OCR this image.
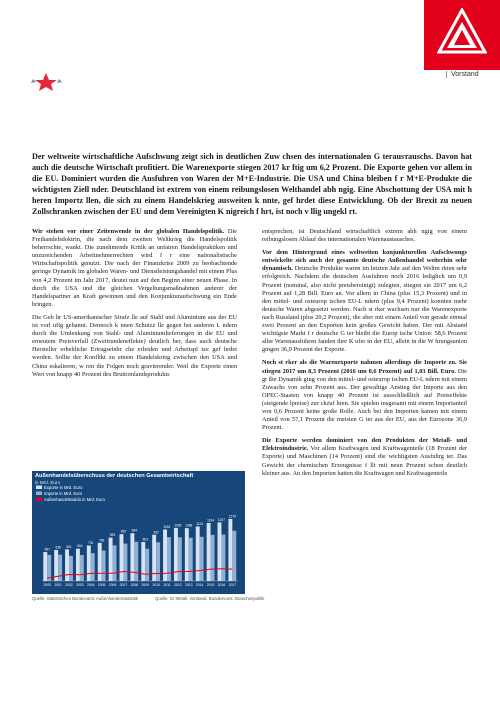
Vorstand

Der weltweite wirtschaftliche Aufschwung zeigt sich in deutlichen Zuw chsen des internationalen G terausтauschs. Davon hat auch die deutsche Wirtschaft profitiert. Die Warenexporte stiegen 2017 kr ftig um 6,2 Prozent. Die Exporte gehen vor allem in die EU. Dominiert wurden die Ausfuhren von Waren der M+E-Industrie. Die USA und China bleiben f r M+E-Produkte die wichtigsten Ziell nder. Deutschland ist extrem von einem reibungslosen Welthandel abh ngig. Eine Abschottung der USA mit h heren Importz llen, die sich zu einem Handelskrieg ausweiten k nnte, gef hrdet diese Entwicklung. Ob der Brexit zu neuen Zollschranken zwischen der EU und dem Vereinigten K nigreich f hrt, ist noch v llig ungekl rt.

Wir stehen vor einer Zeitenwende in der globalen Handelspolitik. Die Freihandelsdoktrin, die nach dem zweiten Weltkrieg die Handelspolitik beherrschte, wankt. Die zunehmende Kritik an unfairen Handelspraktiken und unzureichenden Arbeitnehmerrechten wird f r eine nationalistische Wirtschaftspolitik genutzt. Die nach der Finanzkrise 2009 zu beobachtende geringe Dynamik im globalen Waren- und Dienstleistungshandel mit einem Plus von 4,2 Prozent im Jahr 2017, deutet nun auf den Beginn einer neuen Phase. In durch die USA und die gleichen Vergeltungsmaßnahmen anderer der Handelspartner an Kraft gewinnen und den Konjunkturaufschwung ein Ende bringen.

Die Geb hr US-amerikanischer Strafz lle auf Stahl und Aluminium aus der EU ist vorl ufig gebannt. Dennoch k nnen Schutzz lle gegen bei anderen L ndern durch die Umlenkung von Stahl- und Aluminiumlieferungen in die EU und erneutem Preisverfall (Zweitrundeneffekte) deutlich ber, dass auch deutsche Hersteller erhebliche Ertragseinbr che erleiden und Arbeitspl tze gef hrdet werden. Sollte der Konflikt zu einem Handelskrieg zwischen den USA und China eskalieren, w ren die Folgen noch gravierender. Weil die Exporte einen Wert von knapp 40 Prozent des Bruttoinlandsprodukts

Exporte in Mrd. Euro
Importe in Mrd. Euro
Außenhandelssaldo in Mrd. Euro
597
2000
638
2001
651
2002
664
2003
731
2004
786
2005
893
2006
965
2007
984
2008
803
2009
952
2010
1061
2011
1093
2012
1088
2013
1124
2014
1194
2015
1207
2016
1279
2017
Außenhandelsüberschuss der deutschen Gesamtwirtschaft
in Mrd. Euro
Quelle: Statistisches Bundesamt, Außenhandelsstatistik	Quelle: IG Metall, Vorstand, Bundesvorst. Branchenpolitik

entsprechen, ist Deutschland wirtschaftlich extrem abh ngig von einem reibungslosen Ablauf des internationalen Warenaustausches.

Vor dem Hintergrund eines weltweiten konjunkturellen Aufschwungs entwickelte sich auch der gesamte deutsche Außenhandel weiterhin sehr dynamisch. Deutsche Produkte waren im letzten Jahr auf den Weltm rkten sehr erfolgreich. Nachdem die deutschen Ausfuhren noch 2016 lediglich um 0,9 Prozent (nominal, also nicht preisbereinigt) zulegten, stiegen sie 2017 um 6,2 Prozent auf 1,28 Bill. Euro an. Vor allem in China (plus 15,3 Prozent) und in den mittel- und osteurop ischen EU-L ndern (plus 9,4 Prozent) konnten mehr deutsche Waren abgesetzt werden. Nach st rker wachsen nur die Warenexporte nach Russland (plus 20,2 Prozent), die aber mit einem Anteil von gerade einmal zwei Prozent an den Exporten kein großes Gewicht haben. Der mit Abstand wichtigste Markt f r deutsche G ter bleibt die Europ ische Union: 58,6 Prozent aller Warenausfuhren fanden ihre K ufer in der EU, allein in die W hrungsunion gingen 36,9 Prozent der Exporte.

Noch st rker als die Warenexporte nahmen allerdings die Importe zu. Sie stiegen 2017 um 8,3 Prozent (2016 um 0,6 Prozent) auf 1,03 Bill. Euro. Die gr ßte Dynamik ging von den mittel- und osteurop ischen EU-L ndern mit einem Zuwachs von zehn Prozent aus. Der gewaltige Anstieg der Importe aus den OPEC-Staaten von knapp 40 Prozent ist ausschließlich auf Preiseffekte (steigende lpreise) zur ckzuf hren. Sie spielen insgesamt mit einem Importanteil von 0,6 Prozent keine große Rolle. Auch bei den Importen kamen mit einem Anteil von 57,1 Prozent die meisten G ter aus der EU, aus der Eurozone 36,9 Prozent.

Die Exporte werden dominiert von den Produkten der Metall- und Elektroindustrie. Vor allem Kraftwagen und Kraftwagenteile (18 Prozent der Exporte) und Maschinen (14 Prozent) sind die wichtigsten Ausfuhrg ter. Das Gewicht der chemischen Erzeugnisse f llt mit neun Prozent schon deutlich kleiner aus. An den Importen hatten die Kraftwagen und Kraftwagenteile
